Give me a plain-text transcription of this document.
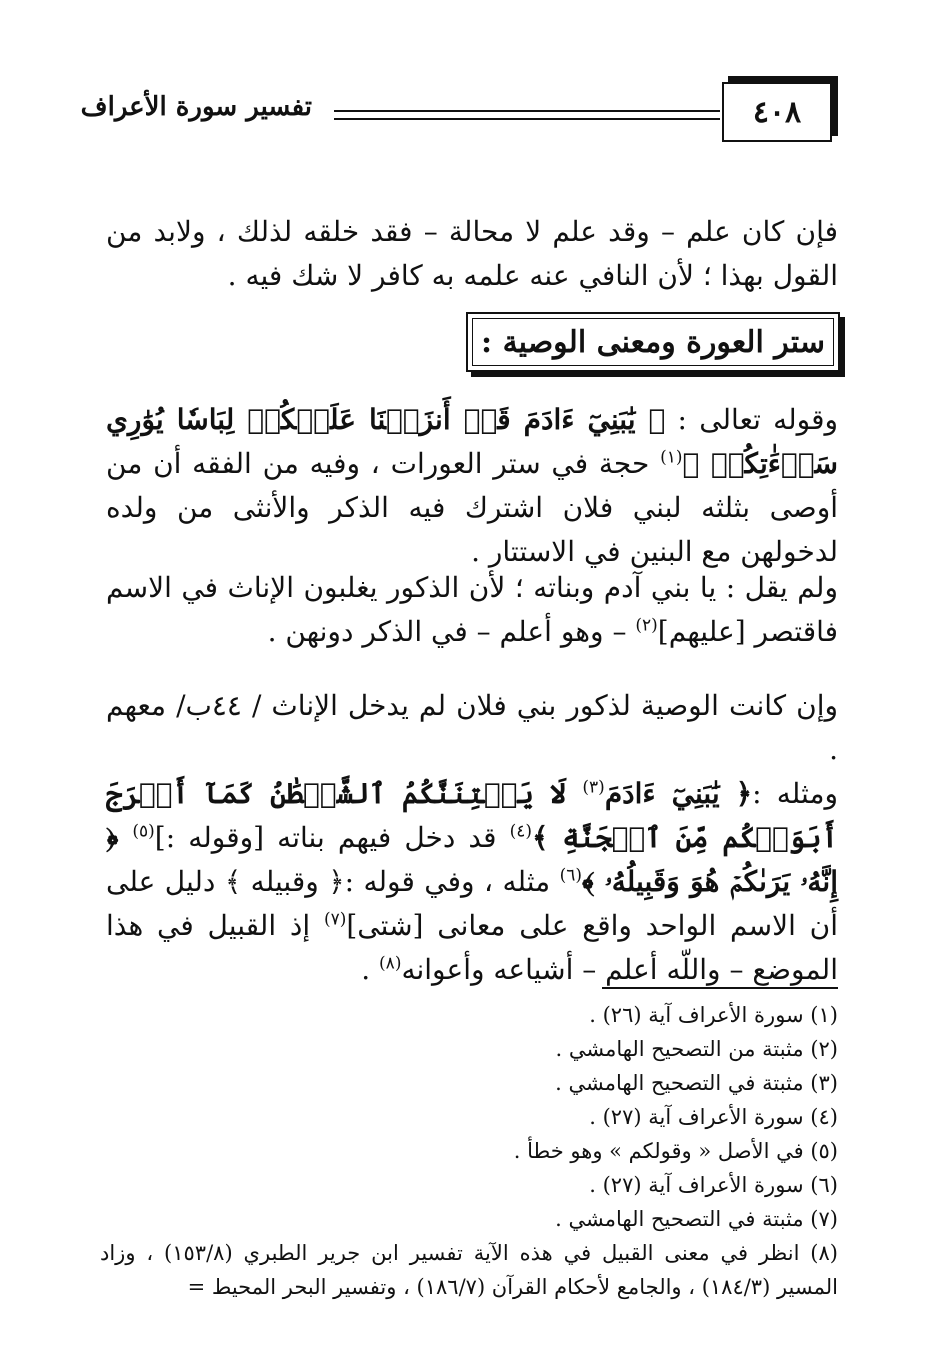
٤٠٨
تفسير سورة الأعراف
فإن كان علم – وقد علم لا محالة – فقد خلقه لذلك ، ولابد من القول بهذا ؛ لأن النافي عنه علمه به كافر لا شك فيه .
ستر العورة ومعنى الوصية :
وقوله تعالى : ﴿ يَٰبَنِيٓ ءَادَمَ قَدۡ أَنزَلۡنَا عَلَيۡكُمۡ لِبَاسٗا يُوَٰرِي سَوۡءَٰتِكُمۡ ﴾$^{(١)}$ حجة في ستر العورات ، وفيه من الفقه أن من أوصى بثلثه لبني فلان اشترك فيه الذكر والأنثى من ولده لدخولهن مع البنين في الاستتار .
ولم يقل : يا بني آدم وبناته ؛ لأن الذكور يغلبون الإناث في الاسم فاقتصر [عليهم]$^{(٢)}$ – وهو أعلم – في الذكر دونهن .
وإن كانت الوصية لذكور بني فلان لم يدخل الإناث / ٤٤ب/ معهم .
ومثله :﴿ يَٰبَنِيٓ ءَادَمَ$^{(٣)}$ لَا يَفۡتِنَنَّكُمُ ٱلشَّيۡطَٰنُ كَمَآ أَخۡرَجَ أَبَوَيۡكُم مِّنَ ٱلۡجَنَّةِ ﴾$^{(٤)}$ قد دخل فيهم بناته [وقوله :]$^{(٥)}$ ﴿ إِنَّهُۥ يَرَىٰكُمۡ هُوَ وَقَبِيلُهُۥ ﴾$^{(٦)}$ مثله ، وفي قوله :﴿ وقبيله ﴾ دليل على أن الاسم الواحد واقع على معانى [شتى]$^{(٧)}$ إذ القبيل في هذا الموضع – واللّه أعلم – أشياعه وأعوانه$^{(٨)}$ .
(١) سورة الأعراف آية (٢٦) .
(٢) مثبتة من التصحيح الهامشي .
(٣) مثبتة في التصحيح الهامشي .
(٤) سورة الأعراف آية (٢٧) .
(٥) في الأصل « وقولكم » وهو خطأ .
(٦) سورة الأعراف آية (٢٧) .
(٧) مثبتة في التصحيح الهامشي .
(٨) انظر في معنى القبيل في هذه الآية تفسير ابن جرير الطبري (١٥٣/٨) ، وزاد المسير (١٨٤/٣) ، والجامع لأحكام القرآن (١٨٦/٧) ، وتفسير البحر المحيط =
